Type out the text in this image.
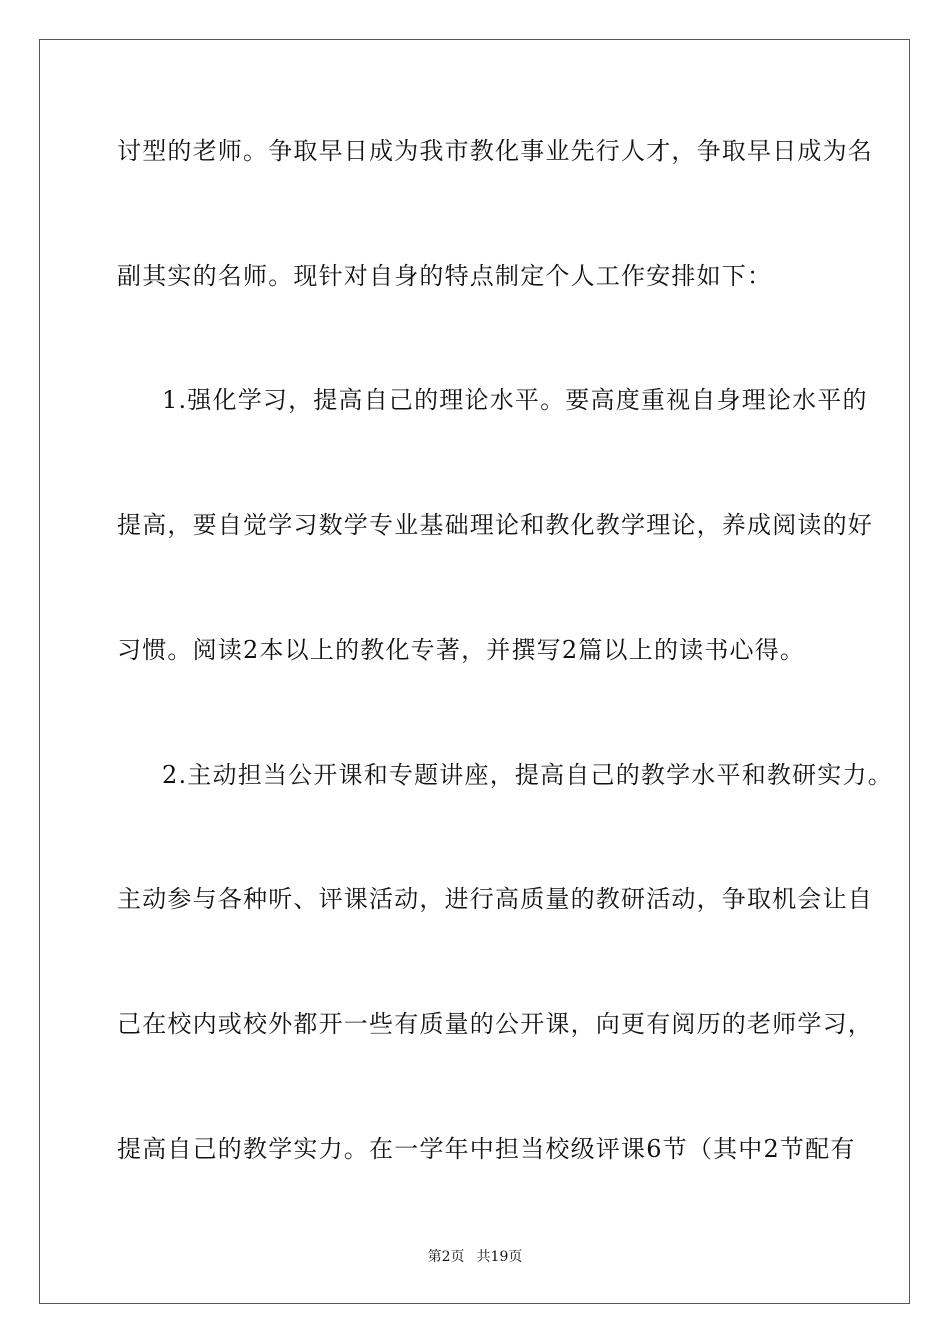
讨型的老师。争取早日成为我市教化事业先行人才，争取早日成为名
副其实的名师。现针对自身的特点制定个人工作安排如下：
1.强化学习，提高自己的理论水平。要高度重视自身理论水平的
提高，要自觉学习数学专业基础理论和教化教学理论，养成阅读的好
习惯。阅读2本以上的教化专著，并撰写2篇以上的读书心得。
2.主动担当公开课和专题讲座，提高自己的教学水平和教研实力。
主动参与各种听、评课活动，进行高质量的教研活动，争取机会让自
己在校内或校外都开一些有质量的公开课，向更有阅历的老师学习，
提高自己的教学实力。在一学年中担当校级评课6节（其中2节配有
第2页 共19页
